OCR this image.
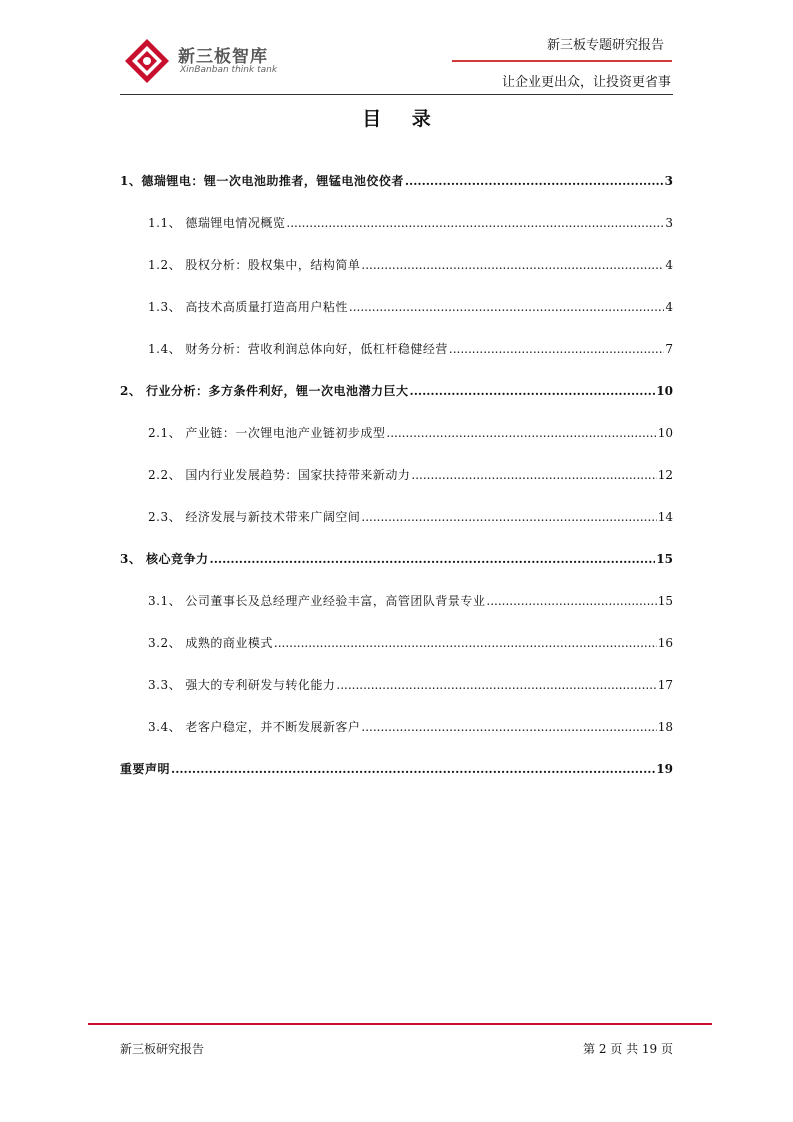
新三板智库
XinBanban think tank
新三板专题研究报告
让企业更出众，让投资更省事
目 录
1、德瑞锂电：锂一次电池助推者，锂锰电池佼佼者 .....	3
1.1、 德瑞锂电情况概览 .....	3
1.2、 股权分析：股权集中，结构简单 .....	4
1.3、 高技术高质量打造高用户粘性 .....	4
1.4、 财务分析：营收利润总体向好，低杠杆稳健经营 .....	7
2、 行业分析：多方条件利好，锂一次电池潜力巨大 .....	10
2.1、 产业链：一次锂电池产业链初步成型 .....	10
2.2、 国内行业发展趋势：国家扶持带来新动力 .....	12
2.3、 经济发展与新技术带来广阔空间 .....	14
3、 核心竞争力 .....	15
3.1、 公司董事长及总经理产业经验丰富，高管团队背景专业 .....	15
3.2、 成熟的商业模式 .....	16
3.3、 强大的专利研发与转化能力 .....	17
3.4、 老客户稳定，并不断发展新客户 .....	18
重要声明 .....	19
新三板研究报告	第 2 页 共 19 页
